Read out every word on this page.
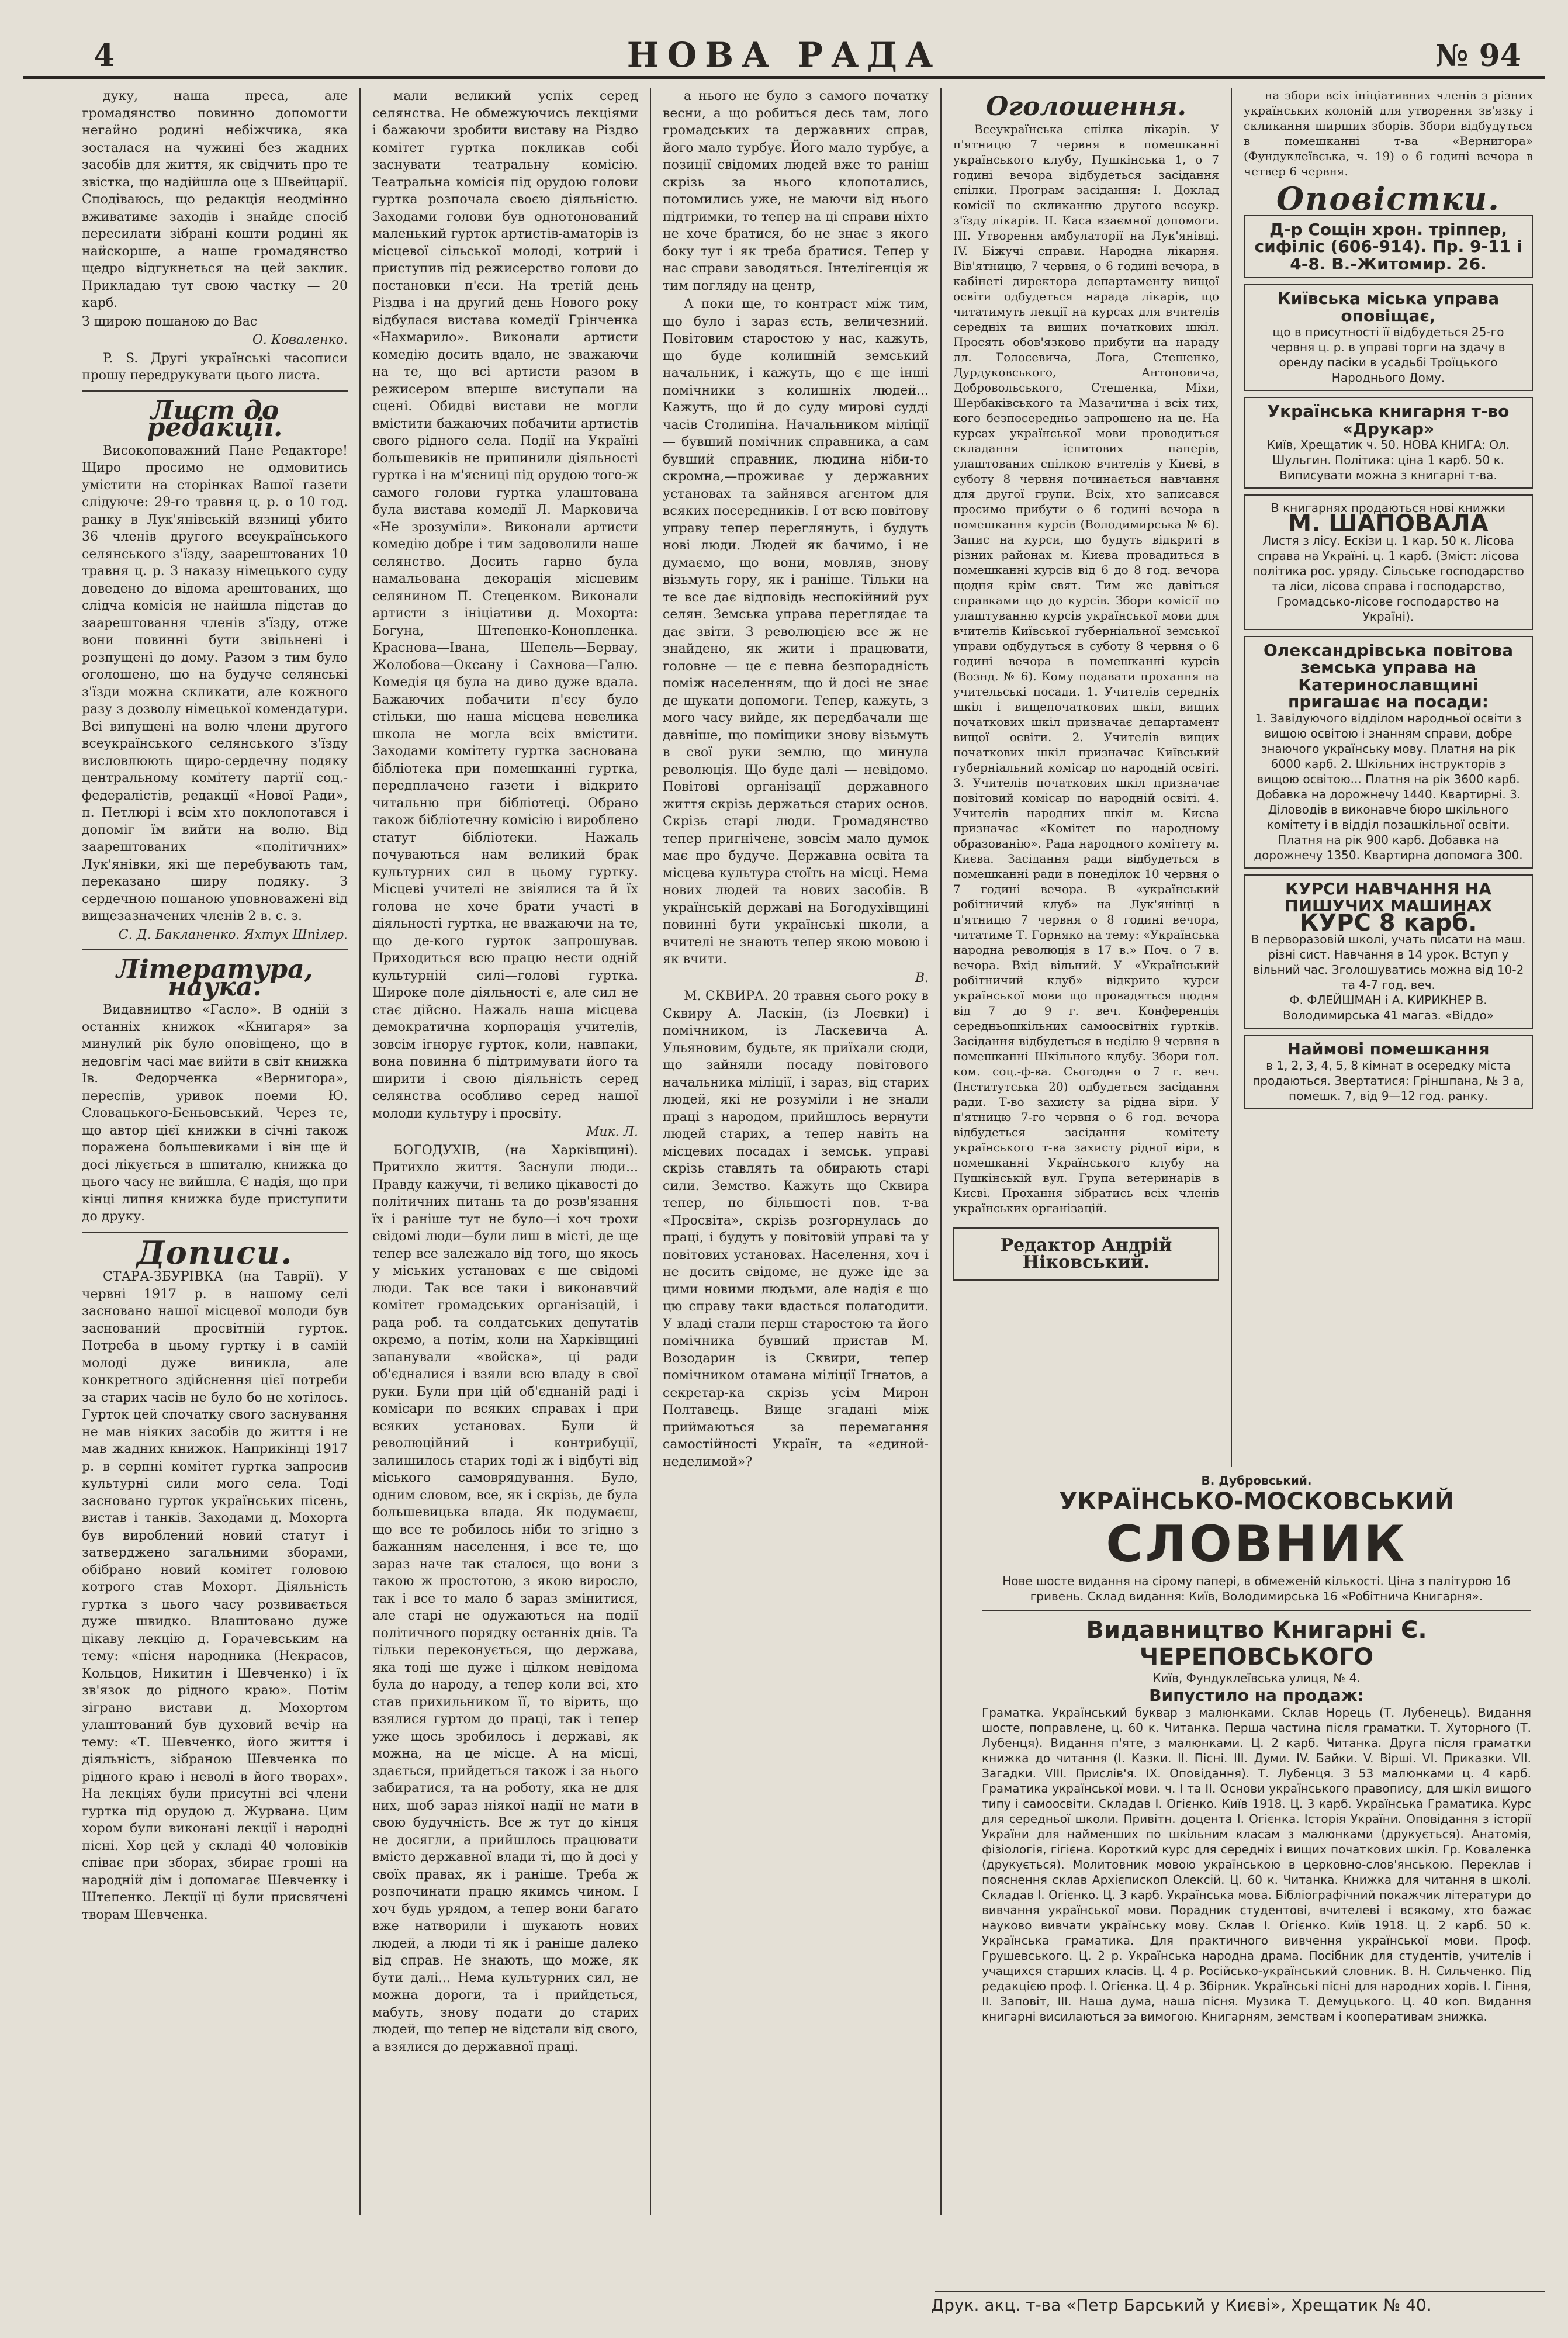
4	НОВА РАДА	№ 94

дуку, наша преса, але громадянство повинно допомогти негайно родині небіжчика, яка зосталася на чужині без жадних засобів для життя, як свідчить про те звістка, що надійшла оце з Швейцарії. Сподіваюсь, що редакція неодмінно вживатиме заходів і знайде спосіб пересилати зібрані кошти родині як найскорше, а наше громадянство щедро відгукнеться на цей заклик. Прикладаю тут свою частку — 20 карб.

З щирою пошаною до Вас

О. Коваленко.

P. S. Другі українські часописи прошу передрукувати цього листа.

Лист до редакції.

Високоповажний Пане Редакторе! Щиро просимо не одмовитись умістити на сторінках Вашої газети слідуюче: 29-го травня ц. р. о 10 год. ранку в Лук'янівській вязниці убито 36 членів другого всеукраїнського селянського з'їзду, заарештованих 10 травня ц. р. З наказу німецького суду доведено до відома арештованих, що слідча комісія не найшла підстав до заарештовання членів з'їзду, отже вони повинні бути звільнені і розпущені до дому. Разом з тим було оголошено, що на будуче селянські з'їзди можна скликати, але кожного разу з дозволу німецької комендатури. Всі випущені на волю члени другого всеукраїнського селянського з'їзду висловлюють щиро-сердечну подяку центральному комітету партії соц.-федералістів, редакції «Нової Ради», п. Петлюрі і всім хто поклопотався і допоміг їм вийти на волю. Від заарештованих «політичних» Лук'янівки, які ще перебувають там, переказано щиру подяку. З сердечною пошаною уповноважені від вищезазначених членів 2 в. с. з.

С. Д. Бакланенко. Яхтух Шпілер.

Література, наука.

Видавництво «Гасло». В одній з останніх книжок «Книгаря» за минулий рік було оповіщено, що в недовгім часі має вийти в світ книжка Ів. Федорченка «Вернигора», переспів, уривок поеми Ю. Словацького-Беньовський. Через те, що автор цієї книжки в січні також поражена большевиками і він ще й досі лікується в шпиталю, книжка до цього часу не вийшла. Є надія, що при кінці липня книжка буде приступити до друку.

Дописи.

СТАРА-ЗБУРІВКА (на Таврії). У червні 1917 р. в нашому селі засновано нашої місцевої молоди був заснований просвітній гурток. Потреба в цьому гуртку і в самій молоді дуже виникла, але конкретного здійснення цієї потреби за старих часів не було бо не хотілось. Гурток цей спочатку свого заснування не мав ніяких засобів до життя і не мав жадних книжок. Наприкінці 1917 р. в серпні комітет гуртка запросив культурні сили мого села. Тоді засновано гурток українських пісень, вистав і танків. Заходами д. Мохорта був вироблений новий статут і затверджено загальними зборами, обібрано новий комітет головою котрого став Мохорт. Діяльність гуртка з цього часу розвивається дуже швидко. Влаштовано дуже цікаву лекцію д. Горачевським на тему: «пісня народника (Некрасов, Кольцов, Никитин і Шевченко) і їх зв'язок до рідного краю». Потім зіграно вистави д. Мохортом улаштований був духовий вечір на тему: «Т. Шевченко, його життя і діяльність, зібраною Шевченка по рідного краю і неволі в його творах». На лекціях були присутні всі члени гуртка під орудою д. Журвана. Цим хором були виконані лекції і народні пісні. Хор цей у складі 40 чоловіків співає при зборах, збирає гроші на народній дім і допомагає Шевченку і Штепенко. Лекції ці були присвячені творам Шевченка.

мали великий успіх серед селянства. Не обмежуючись лекціями і бажаючи зробити виставу на Різдво комітет гуртка покликав собі заснувати театральну комісію. Театральна комісія під орудою голови гуртка розпочала своєю діяльністю. Заходами голови був однотонований маленький гурток артистів-аматорів із місцевої сільської молоді, котрий і приступив під режисерство голови до постановки п'єси. На третій день Різдва і на другий день Нового року відбулася вистава комедії Грінченка «Нахмарило». Виконали артисти комедію досить вдало, не зважаючи на те, що всі артисти разом в режисером вперше виступали на сцені. Обидві вистави не могли вмістити бажаючих побачити артистів свого рідного села. Події на Україні большевиків не припинили діяльності гуртка і на м'ясниці під орудою того-ж самого голови гуртка улаштована була вистава комедії Л. Марковича «Не зрозуміли». Виконали артисти комедію добре і тим задоволили наше селянство. Досить гарно була намальована декорація місцевим селянином П. Стеценком. Виконали артисти з ініціативи д. Мохорта: Богуна, Штепенко-Конопленка. Краснова—Івана, Шепель—Бервау, Жолобова—Оксану і Сахнова—Галю. Комедія ця була на диво дуже вдала. Бажаючих побачити п'єсу було стільки, що наша місцева невелика школа не могла всіх вмістити. Заходами комітету гуртка заснована бібліотека при помешканні гуртка, передплачено газети і відкрито читальню при бібліотеці. Обрано також бібліотечну комісію і вироблено статут бібліотеки. Нажаль почуваються нам великий брак культурних сил в цьому гуртку. Місцеві учителі не звіялися та й їх голова не хоче брати участі в діяльності гуртка, не вважаючи на те, що де-кого гурток запрошував. Приходиться всю працю нести одній культурній силі—голові гуртка. Широке поле діяльності є, але сил не стає дійсно. Нажаль наша місцева демократична корпорація учителів, зовсім ігнорує гурток, коли, навпаки, вона повинна б підтримувати його та ширити і свою діяльність серед селянства особливо серед нашої молоди культуру і просвіту.

Мик. Л.

БОГОДУХІВ, (на Харківщині). Притихло життя. Заснули люди... Правду кажучи, ті велико цікавості до політичних питань та до розв'язання їх і раніше тут не було—і хоч трохи свідомі люди—були лиш в місті, де ще тепер все залежало від того, що якось у міських установах є ще свідомі люди. Так все таки і виконавчий комітет громадських організацій, і рада роб. та солдатських депутатів окремо, а потім, коли на Харківщині запанували «войска», ці ради об'єдналися і взяли всю владу в свої руки. Були при цій об'єднаній раді і комісари по всяких справах і при всяких установах. Були й революційний і контрибуції, залишилось старих тоді ж і відбуті від міського самоврядування. Було, одним словом, все, як і скрізь, де була большевицька влада. Як подумаєш, що все те робилось ніби то згідно з бажанням населення, і все те, що зараз наче так сталося, що вони з такою ж простотою, з якою виросло, так і все то мало б зараз змінитися, але старі не одужаються на події політичного порядку останніх днів. Та тільки переконується, що держава, яка тоді ще дуже і цілком невідома була до народу, а тепер коли всі, хто став прихильником її, то вірить, що взялися гуртом до праці, так і тепер уже щось зробилось і державі, як можна, на це місце. А на місці, здається, прийдеться також і за нього забиратися, та на роботу, яка не для них, щоб зараз ніякої надії не мати в свою будучність. Все ж тут до кінця не досягли, а прийшлось працювати вмісто державної влади ті, що й досі у своїх правах, як і раніше. Треба ж розпочинати працю якимсь чином. І хоч будь урядом, а тепер вони багато вже натворили і шукають нових людей, а люди ті як і раніше далеко від справ. Не знають, що може, як бути далі... Нема культурних сил, не можна дороги, та і прийдеться, мабуть, знову подати до старих людей, що тепер не відстали від свого, а взялися до державної праці.

а нього не було з самого початку весни, а що робиться десь там, лого громадських та державних справ, його мало турбує. Його мало турбує, а позиції свідомих людей вже то раніш скрізь за нього клопотались, потомились уже, не маючи від нього підтримки, то тепер на ці справи ніхто не хоче братися, бо не знає з якого боку тут і як треба братися. Тепер у нас справи заводяться. Інтелігенція ж тим погляду на центр,

А поки ще, то контраст між тим, що було і зараз єсть, величезний. Повітовим старостою у нас, кажуть, що буде колишній земський начальник, і кажуть, що є ще інші помічники з колишніх людей... Кажуть, що й до суду мирові судді часів Столипіна. Начальником міліції — бувший помічник справника, а сам бувший справник, людина ніби-то скромна,—проживає у державних установах та зайнявся агентом для всяких посередників. І от всю повітову управу тепер переглянуть, і будуть нові люди. Людей як бачимо, і не думаємо, що вони, мовляв, знову візьмуть гору, як і раніше. Тільки на те все дає відповідь неспокійний рух селян. Земська управа переглядає та дає звіти. З революцією все ж не знайдено, як жити і працювати, головне — це є певна безпорадність поміж населенням, що й досі не знає де шукати допомоги. Тепер, кажуть, з мого часу вийде, як передбачали ще давніше, що поміщики знову візьмуть в свої руки землю, що минула революція. Що буде далі — невідомо. Повітові організації державного життя скрізь держаться старих основ. Скрізь старі люди. Громадянство тепер пригнічене, зовсім мало думок має про будуче. Державна освіта та місцева культура стоїть на місці. Нема нових людей та нових засобів. В українській державі на Богодухівщині повинні бути українські школи, а вчителі не знають тепер якою мовою і як вчити.

В.

М. СКВИРА. 20 травня сього року в Сквиру А. Ласкін, (із Лоєвки) і помічником, із Ласкевича А. Ульяновим, будьте, як приїхали сюди, що зайняли посаду повітового начальника міліції, і зараз, від старих людей, які не розуміли і не знали праці з народом, прийшлось вернути людей старих, а тепер навіть на місцевих посадах і земськ. управі скрізь ставлять та обирають старі сили. Земство. Кажуть що Сквира тепер, по більшості пов. т-ва «Просвіта», скрізь розгорнулась до праці, і будуть у повітовій управі та у повітових установах. Населення, хоч і не досить свідоме, не дуже іде за цими новими людьми, але надія є що цю справу таки вдасться полагодити. У владі стали перш старостою та його помічника бувший пристав М. Возодарин із Сквири, тепер помічником отамана міліції Ігнатов, а секретар-ка скрізь усім Мирон Полтавець. Вище згадані між приймаються за перемагання самостійності Україн, та «єдиной-неделимой»?

Оголошення.

Всеукраїнська спілка лікарів. У п'ятницю 7 червня в помешканні українського клубу, Пушкінська 1, о 7 годині вечора відбудеться засідання спілки. Програм засідання: І. Доклад комісії по скликанню другого всеукр. з'їзду лікарів. ІІ. Каса взаємної допомоги. ІІІ. Утворення амбулаторії на Лук'янівці. IV. Біжучі справи. Народна лікарня. Вів'ятницю, 7 червня, о 6 годині вечора, в кабінеті директора департаменту вищої освіти одбудеться нарада лікарів, що читатимуть лекції на курсах для вчителів середніх та вищих початкових шкіл. Просять обов'язково прибути на нараду лл. Голосевича, Лога, Стешенко, Дурдуковського, Антоновича, Добровольського, Стешенка, Міхи, Шербаківського та Мазачична і всіх тих, кого безпосередньо запрошено на це. На курсах української мови проводиться складання іспитових паперів, улаштованих спілкою вчителів у Києві, в суботу 8 червня починається навчання для другої групи. Всіх, хто записався просимо прибути о 6 годині вечора в помешкання курсів (Володимирська № 6). Запис на курси, що будуть відкриті в різних районах м. Києва провадиться в помешканні курсів від 6 до 8 год. вечора щодня крім свят. Тим же давіться справками що до курсів. Збори комісії по улаштуванню курсів української мови для вчителів Київської губерніальної земської управи одбудуться в суботу 8 червня о 6 годині вечора в помешканні курсів (Вознд. № 6). Кому подавати прохання на учительські посади. 1. Учителів середніх шкіл і вищепочаткових шкіл, вищих початкових шкіл призначає департамент вищої освіти. 2. Учителів вищих початкових шкіл призначає Київський губерніальний комісар по народній освіті. 3. Учителів початкових шкіл призначає повітовий комісар по народній освіті. 4. Учителів народних шкіл м. Києва призначає «Комітет по народному образованію». Рада народного комітету м. Києва. Засідання ради відбудеться в помешканні ради в понеділок 10 червня о 7 годині вечора. В «український робітничий клуб» на Лук'янівці в п'ятницю 7 червня о 8 годині вечора, читатиме Т. Горняко на тему: «Українська народна революція в 17 в.» Поч. о 7 в. вечора. Вхід вільний. У «Український робітничий клуб» відкрито курси української мови що провадяться щодня від 7 до 9 г. веч. Конференція середньошкільних самоосвітніх гуртків. Засідання відбудеться в неділю 9 червня в помешканні Шкільного клубу. Збори гол. ком. соц.-ф-ва. Сьогодня о 7 г. веч. (Інститутська 20) одбудеться засідання ради. Т-во захисту за рідна віри. У п'ятницю 7-го червня о 6 год. вечора відбудеться засідання комітету українського т-ва захисту рідної віри, в помешканні Українського клубу на Пушкінській вул. Група ветеринарів в Києві. Прохання зібратись всіх членів українських організацій.

Редактор Андрій Ніковський.

на збори всіх ініціативних членів з різних українських колоній для утворення зв'язку і скликання ширших зборів. Збори відбудуться в помешканні т-ва «Вернигора» (Фундуклеївська, ч. 19) о 6 годині вечора в четвер 6 червня.

Оповістки.
Д-р Сощін хрон. тріппер, сифіліс (606-914). Пр. 9-11 і 4-8. В.-Житомир. 26.
Київська міська управа оповіщає,
що в присутності її відбудеться 25-го червня ц. р. в управі торги на здачу в оренду пасіки в усадьбі Троїцького Народнього Дому.
Українська книгарня т-во «Друкар»
Київ, Хрещатик ч. 50. НОВА КНИГА: Ол. Шульгин. Політика: ціна 1 карб. 50 к. Виписувати можна з книгарні т-ва.
В книгарнях продаються нові книжки
М. ШАПОВАЛА
Листя з лісу. Ескізи ц. 1 кар. 50 к. Лісова справа на Україні. ц. 1 карб. (Зміст: лісова політика рос. уряду. Сільське господарство та ліси, лісова справа і господарство, Громадсько-лісове господарство на Україні).
Олександрівська повітова земська управа на Катеринославщині пригашає на посади:
1. Завідуючого відділом народньої освіти з вищою освітою і знанням справи, добре знаючого українську мову. Платня на рік 6000 карб. 2. Шкільних інструкторів з вищою освітою... Платня на рік 3600 карб. Добавка на дорожнечу 1440. Квартирні. 3. Діловодів в виконавче бюро шкільного комітету і в відділ позашкільної освіти. Платня на рік 900 карб. Добавка на дорожнечу 1350. Квартирна допомога 300.
КУРСИ НАВЧАННЯ НА ПИШУЧИХ МАШИНАХ
КУРС 8 карб.
В перворазовій школі, учать писати на маш. різні сист. Навчання в 14 урок. Вступ у вільний час. Зголошуватись можна від 10-2 та 4-7 год. веч.
Ф. ФЛЕЙШМАН і А. КИРИКНЕР В. Володимирська 41 магаз. «Віддо»
Наймові помешкання
в 1, 2, 3, 4, 5, 8 кімнат в осередку міста продаються. Звертатися: Гріншпана, № 3 а, помешк. 7, від 9—12 год. ранку.
В. Дубровський.
УКРАЇНСЬКО-МОСКОВСЬКИЙ
СЛОВНИК
Нове шосте видання на сірому папері, в обмеженій кількості. Ціна з палітурою 16 гривень. Склад видання: Київ, Володимирська 16 «Робітнича Книгарня».
Видавництво Книгарні Є. ЧЕРЕПОВСЬКОГО
Київ, Фундуклеївська улиця, № 4.
Випустило на продаж:
Граматка. Український буквар з малюнками. Склав Норець (Т. Лубенець). Видання шосте, поправлене, ц. 60 к. Читанка. Перша частина після граматки. Т. Хуторного (Т. Лубенця). Видання п'яте, з малюнками. Ц. 2 карб. Читанка. Друга після граматки книжка до читання (І. Казки. ІІ. Пісні. ІІІ. Думи. IV. Байки. V. Вірші. VI. Приказки. VII. Загадки. VIII. Прислів'я. IX. Оповідання). Т. Лубенця. З 53 малюнками ц. 4 карб. Граматика української мови. ч. І та ІІ. Основи українського правопису, для шкіл вищого типу і самоосвіти. Складав І. Огієнко. Київ 1918. Ц. 3 карб. Українська Граматика. Курс для середньої школи. Привітн. доцента І. Огієнка. Історія України. Оповідання з історії України для найменших по шкільним класам з малюнками (друкується). Анатомія, фізіологія, гігієна. Короткий курс для середніх і вищих початкових шкіл. Гр. Коваленка (друкується). Молитовник мовою українською в церковно-слов'янською. Переклав і пояснення склав Архієпископ Олексій. Ц. 60 к. Читанка. Книжка для читання в школі. Складав І. Огієнко. Ц. 3 карб. Українська мова. Бібліографічний покажчик літератури до вивчання української мови. Порадник студентові, вчителеві і всякому, хто бажає науково вивчати українську мову. Склав І. Огієнко. Київ 1918. Ц. 2 карб. 50 к. Українська граматика. Для практичного вивчення української мови. Проф. Грушевського. Ц. 2 р. Українська народна драма. Посібник для студентів, учителів і учащихся старших класів. Ц. 4 р. Російсько-український словник. В. Н. Сильченко. Під редакцією проф. І. Огієнка. Ц. 4 р. Збірник. Українські пісні для народних хорів. І. Гіння, ІІ. Заповіт, ІІІ. Наша дума, наша пісня. Музика Т. Демуцького. Ц. 40 коп. Видання книгарні висилаються за вимогою. Книгарням, земствам і кооперативам знижка.
Друк. акц. т-ва «Петр Барський у Києві», Хрещатик № 40.
